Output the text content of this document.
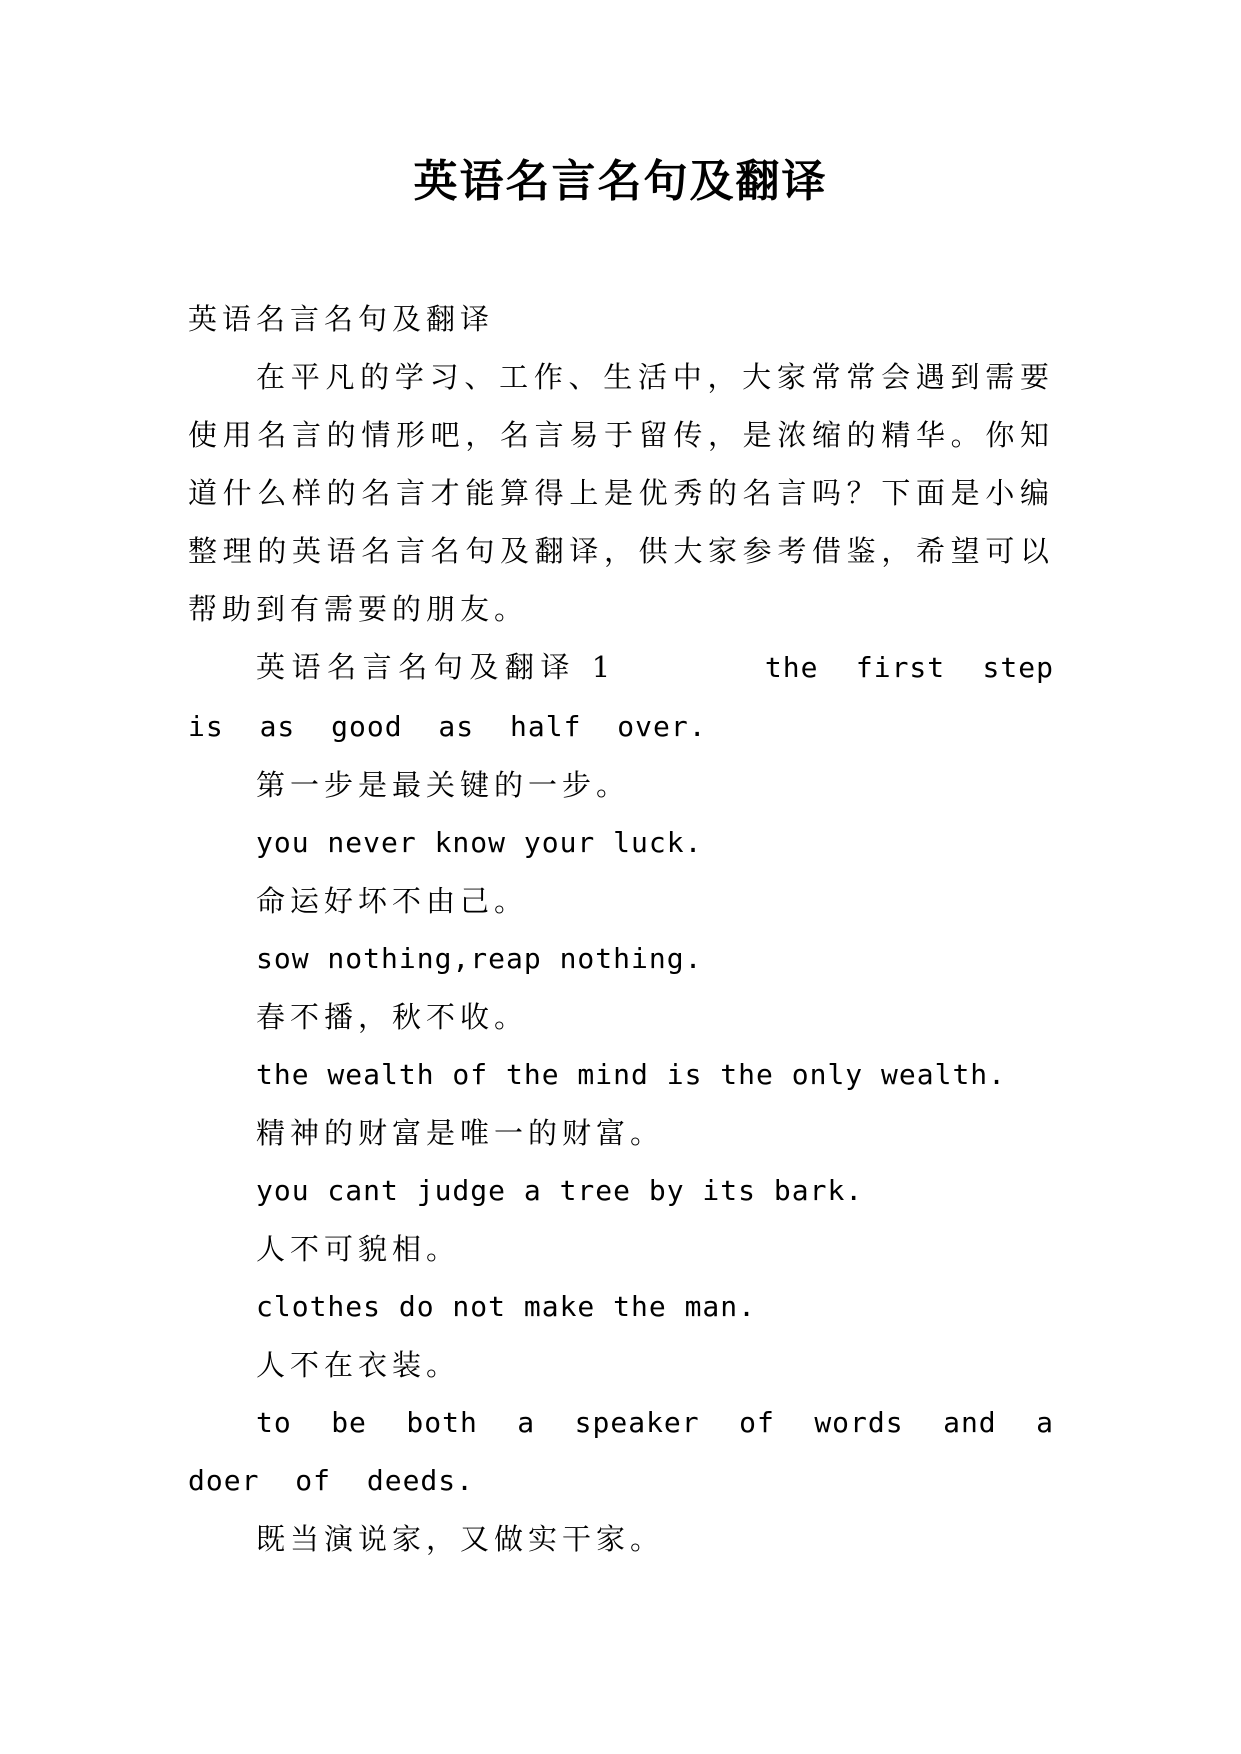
英语名言名句及翻译

英语名言名句及翻译

在平凡的学习、工作、生活中，大家常常会遇到需要使用名言的情形吧，名言易于留传，是浓缩的精华。你知道什么样的名言才能算得上是优秀的名言吗？下面是小编整理的英语名言名句及翻译，供大家参考借鉴，希望可以帮助到有需要的朋友。

英语名言名句及翻译 1	the first step is as good as half over.

第一步是最关键的一步。

you never know your luck.

命运好坏不由己。

sow nothing,reap nothing.

春不播，秋不收。

the wealth of the mind is the only wealth.

精神的财富是唯一的财富。

you cant judge a tree by its bark.

人不可貌相。

clothes do not make the man.

人不在衣装。

to be both a speaker of words and a doer of deeds.

既当演说家，又做实干家。
